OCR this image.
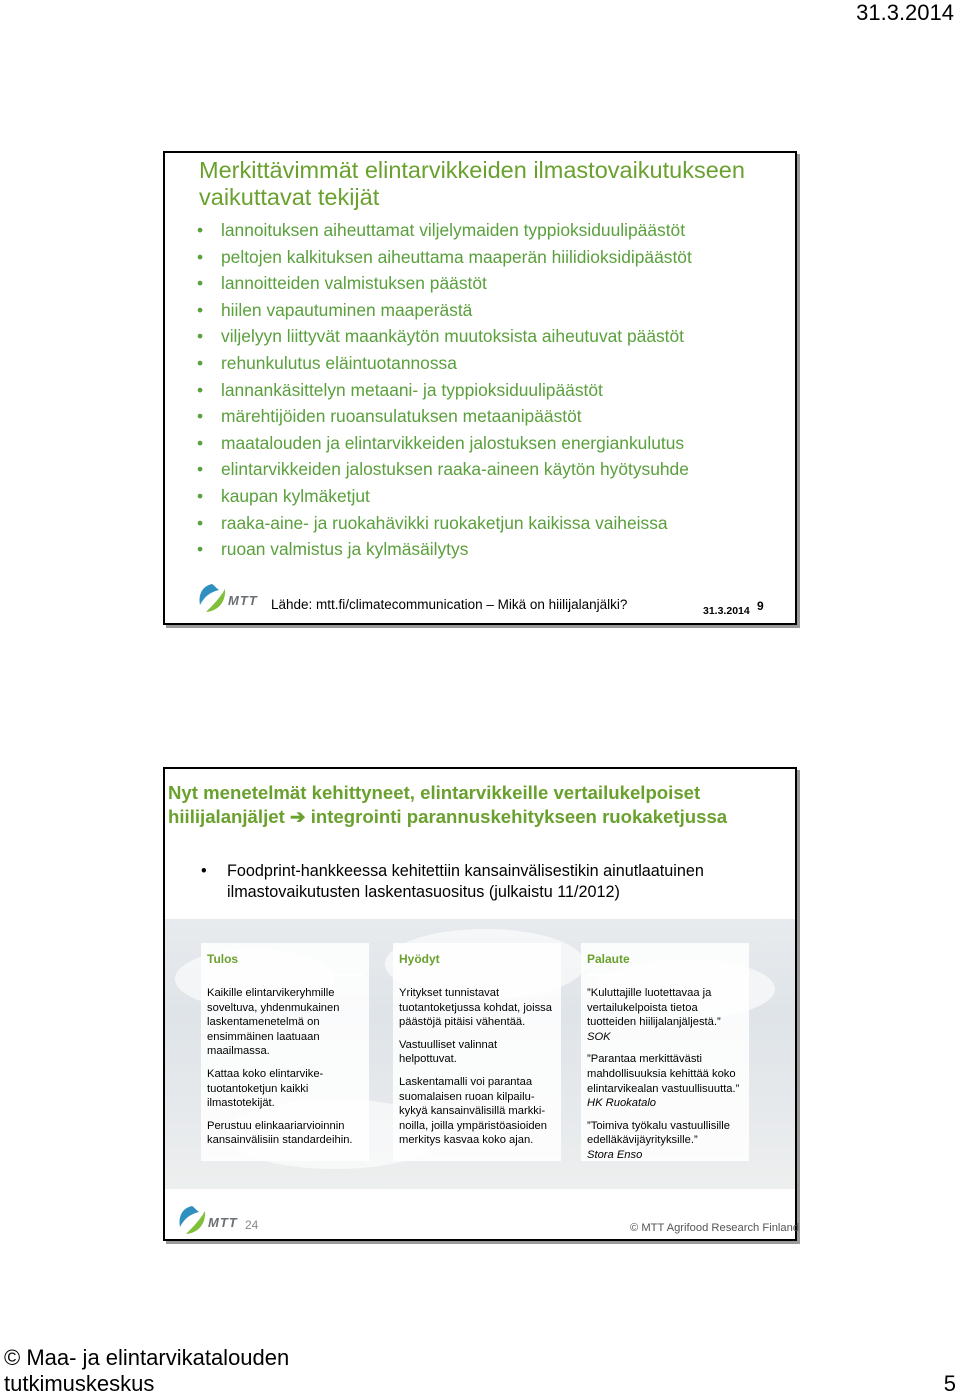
31.3.2014
Merkittävimmät elintarvikkeiden ilmastovaikutukseen vaikuttavat tekijät
• lannoituksen aiheuttamat viljelymaiden typpioksiduulipäästöt
• peltojen kalkituksen aiheuttama maaperän hiilidioksidipäästöt
• lannoitteiden valmistuksen päästöt
• hiilen vapautuminen maaperästä
• viljelyyn liittyvät maankäytön muutoksista aiheutuvat päästöt
• rehunkulutus eläintuotannossa
• lannankäsittelyn metaani- ja typpioksiduulipäästöt
• märehtijöiden ruoansulatuksen metaanipäästöt
• maatalouden ja elintarvikkeiden jalostuksen energiankulutus
• elintarvikkeiden jalostuksen raaka-aineen käytön hyötysuhde
• kaupan kylmäketjut
• raaka-aine- ja ruokahävikki ruokaketjun kaikissa vaiheissa
• ruoan valmistus ja kylmäsäilytys
MTT Lähde: mtt.fi/climatecommunication – Mikä on hiilijalanjälki?	31.3.2014 9
Nyt menetelmät kehittyneet, elintarvikkeille vertailukelpoiset
hiilijalanjäljet ➔ integrointi parannuskehitykseen ruokaketjussa
• Foodprint-hankkeessa kehitettiin kansainvälisestikin ainutlaatuinen ilmastovaikutusten laskentasuositus (julkaistu 11/2012)
Tulos

Kaikille elintarvikeryhmille soveltuva, yhdenmukainen laskentamenetelmä on ensimmäinen laatuaan maailmassa.

Kattaa koko elintarvike-tuotantoketjun kaikki ilmastotekijät.

Perustuu elinkaariarvioinnin kansainvälisiin standardeihin.

Hyödyt

Yritykset tunnistavat tuotantoketjussa kohdat, joissa päästöjä pitäisi vähentää.

Vastuulliset valinnat helpottuvat.

Laskentamalli voi parantaa suomalaisen ruoan kilpailu-kykyä kansainvälisillä markki-noilla, joilla ympäristöasioiden merkitys kasvaa koko ajan.

Palaute

”Kuluttajille luotettavaa ja vertailukelpoista tietoa tuotteiden hiilijalanjäljestä.”

SOK

”Parantaa merkittävästi mahdollisuuksia kehittää koko elintarvikealan vastuullisuutta.”

HK Ruokatalo

”Toimiva työkalu vastuullisille edelläkävijäyrityksille.”

Stora Enso

MTT 24	© MTT Agrifood Research Finland
© Maa- ja elintarvikatalouden
tutkimuskeskus	5
